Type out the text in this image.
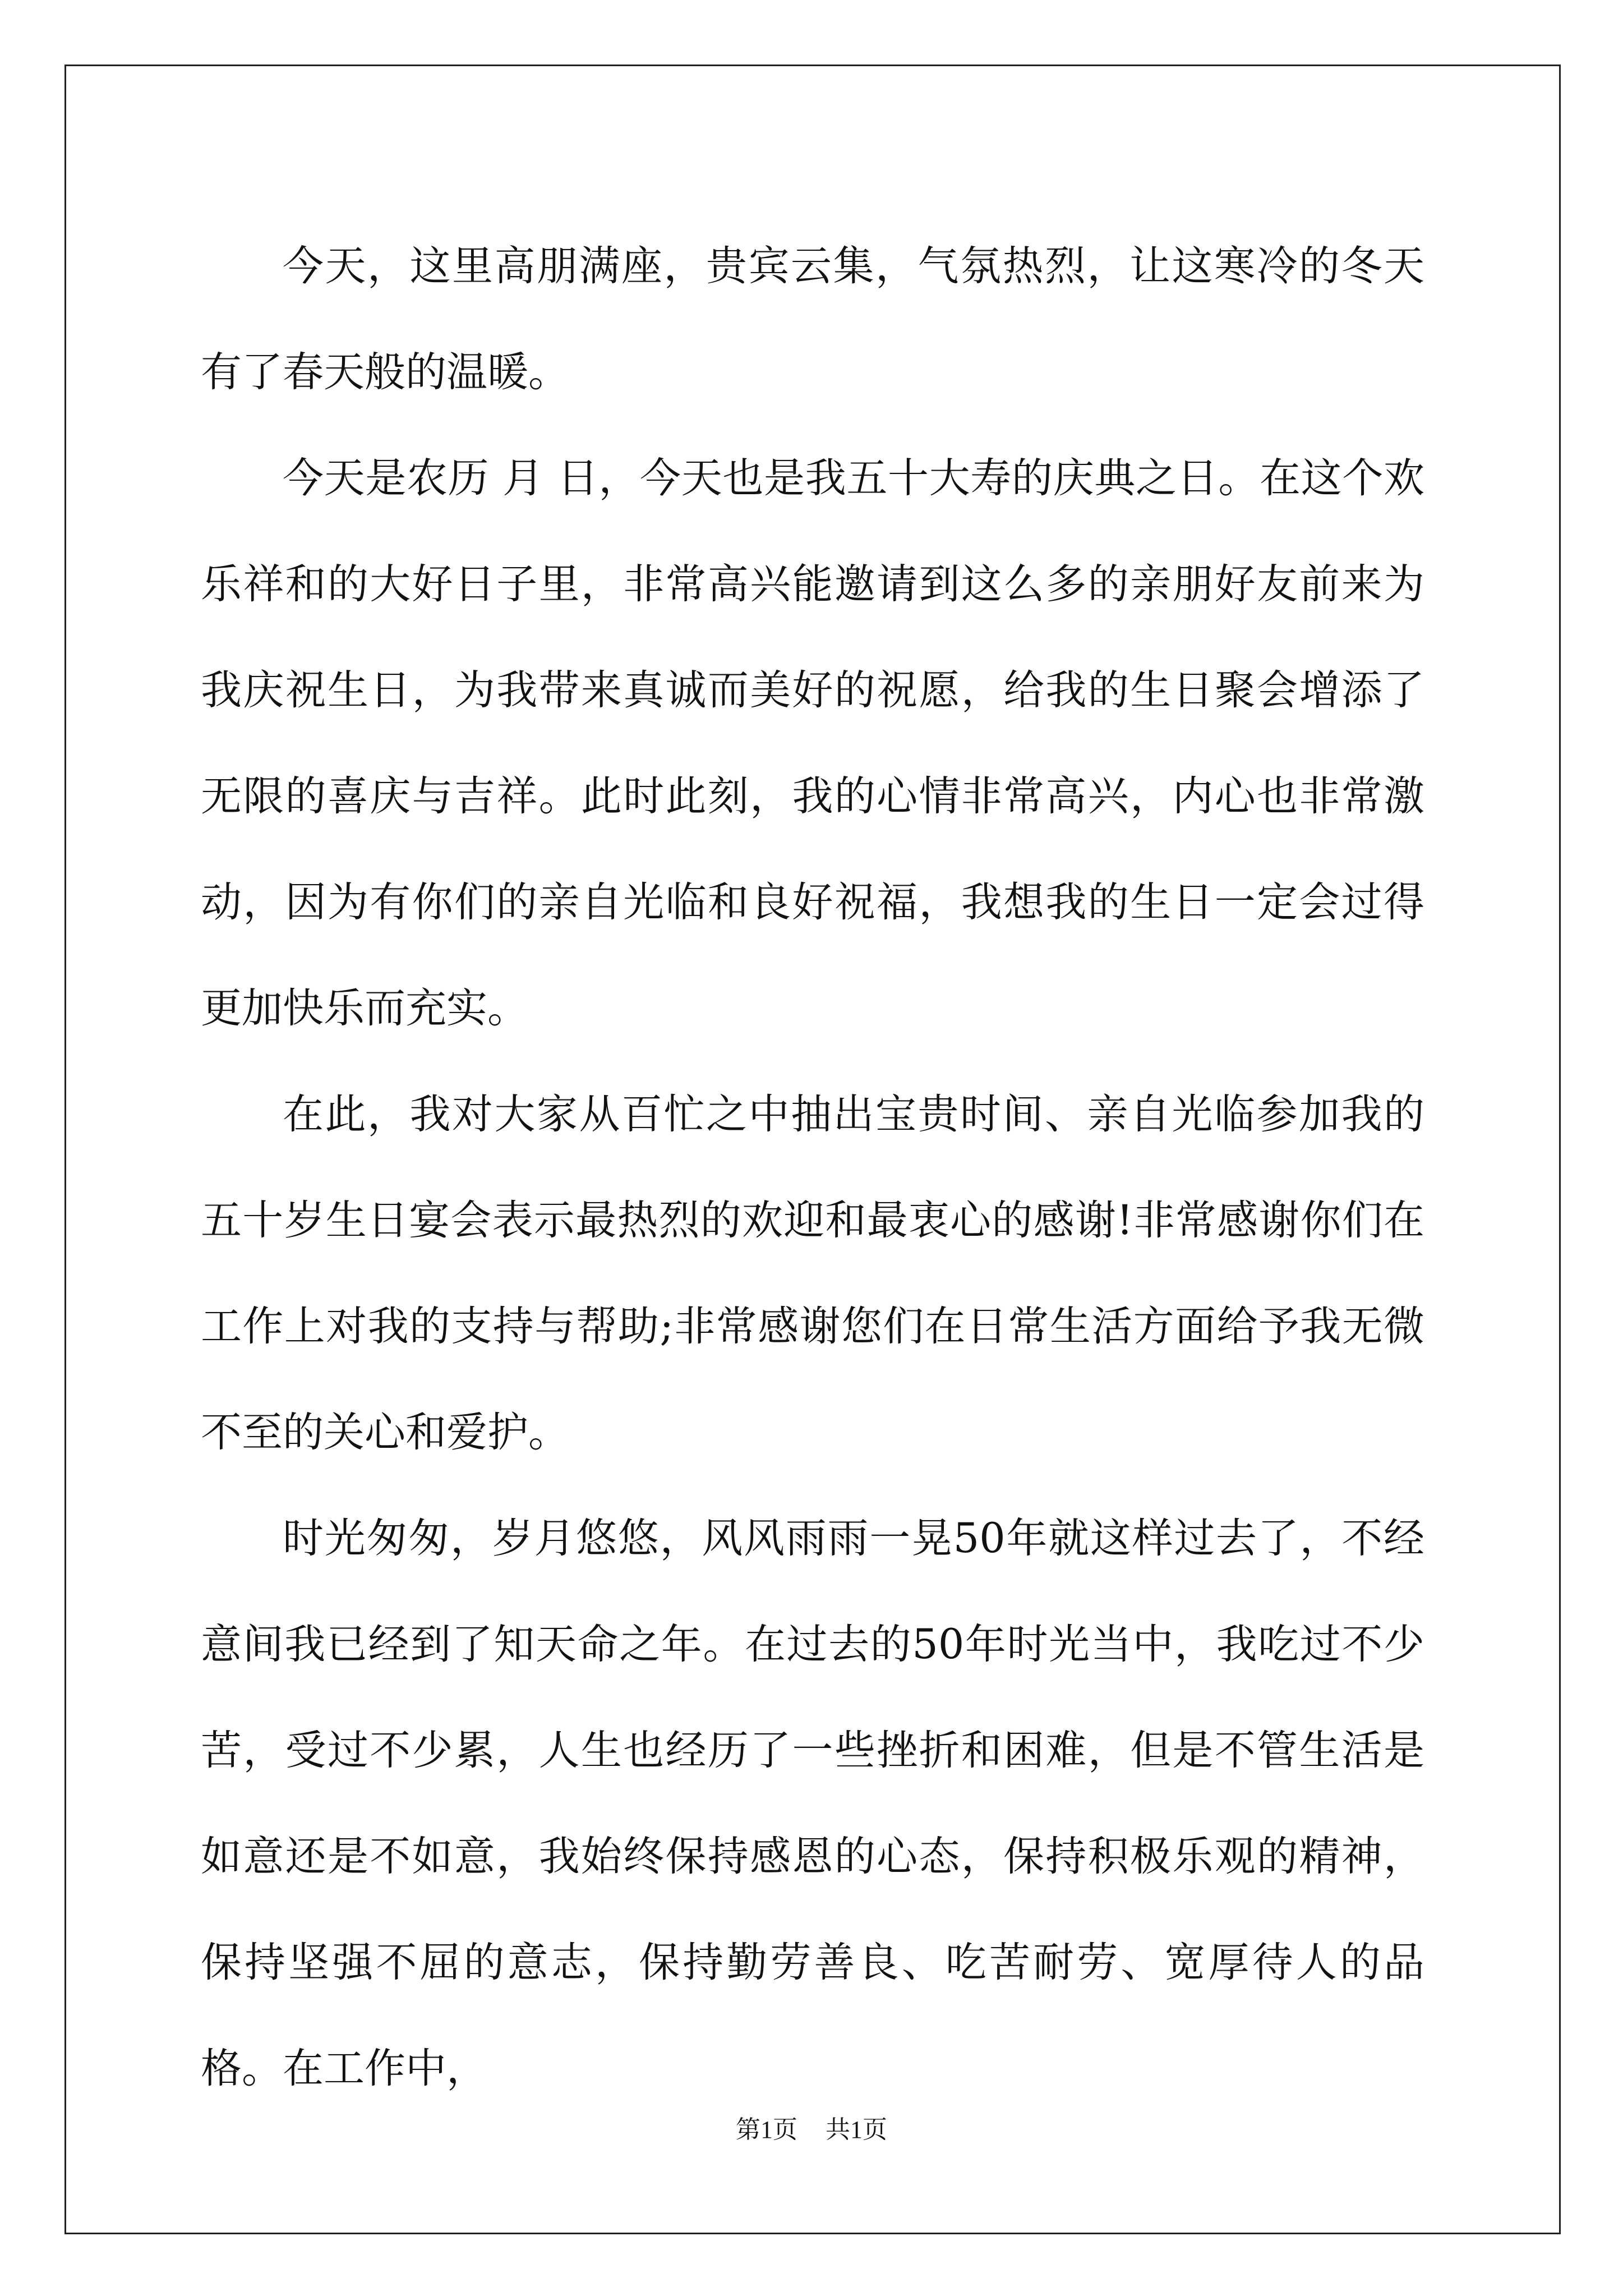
今天，这里高朋满座，贵宾云集，气氛热烈，让这寒冷的冬天有了春天般的温暖。

今天是农历 月 日，今天也是我五十大寿的庆典之日。在这个欢乐祥和的大好日子里，非常高兴能邀请到这么多的亲朋好友前来为我庆祝生日，为我带来真诚而美好的祝愿，给我的生日聚会增添了无限的喜庆与吉祥。此时此刻，我的心情非常高兴，内心也非常激动，因为有你们的亲自光临和良好祝福，我想我的生日一定会过得更加快乐而充实。

在此，我对大家从百忙之中抽出宝贵时间、亲自光临参加我的五十岁生日宴会表示最热烈的欢迎和最衷心的感谢!非常感谢你们在工作上对我的支持与帮助;非常感谢您们在日常生活方面给予我无微不至的关心和爱护。

时光匆匆，岁月悠悠，风风雨雨一晃50年就这样过去了，不经意间我已经到了知天命之年。在过去的50年时光当中，我吃过不少苦，受过不少累，人生也经历了一些挫折和困难，但是不管生活是如意还是不如意，我始终保持感恩的心态，保持积极乐观的精神，保持坚强不屈的意志，保持勤劳善良、吃苦耐劳、宽厚待人的品格。在工作中，

第1页 共1页
